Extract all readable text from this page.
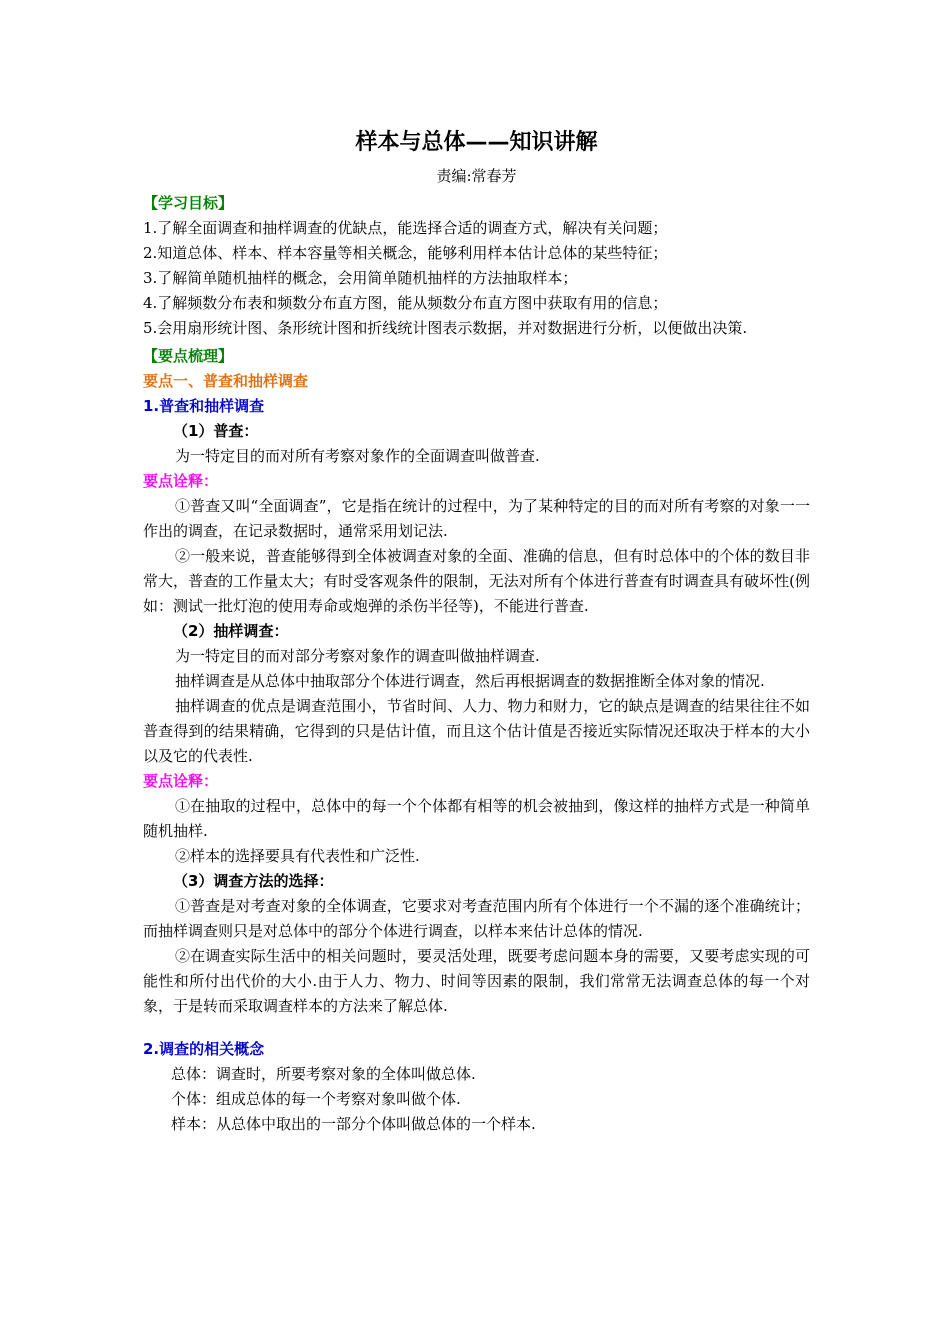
样本与总体——知识讲解
责编:常春芳
【学习目标】
1.了解全面调查和抽样调查的优缺点，能选择合适的调查方式，解决有关问题；
2.知道总体、样本、样本容量等相关概念，能够利用样本估计总体的某些特征；
3.了解简单随机抽样的概念，会用简单随机抽样的方法抽取样本；
4.了解频数分布表和频数分布直方图，能从频数分布直方图中获取有用的信息；
5.会用扇形统计图、条形统计图和折线统计图表示数据，并对数据进行分析，以便做出决策.
【要点梳理】
要点一、普查和抽样调查
1.普查和抽样调查
（1）普查：
为一特定目的而对所有考察对象作的全面调查叫做普查.
要点诠释：
①普查又叫“全面调查”，它是指在统计的过程中，为了某种特定的目的而对所有考察的对象一一作出的调查，在记录数据时，通常采用划记法.
②一般来说，普查能够得到全体被调查对象的全面、准确的信息，但有时总体中的个体的数目非常大，普查的工作量太大；有时受客观条件的限制，无法对所有个体进行普查有时调查具有破坏性(例如：测试一批灯泡的使用寿命或炮弹的杀伤半径等)，不能进行普查.
（2）抽样调查：
为一特定目的而对部分考察对象作的调查叫做抽样调查.
抽样调查是从总体中抽取部分个体进行调查，然后再根据调查的数据推断全体对象的情况.
抽样调查的优点是调查范围小，节省时间、人力、物力和财力，它的缺点是调查的结果往往不如普查得到的结果精确，它得到的只是估计值，而且这个估计值是否接近实际情况还取决于样本的大小以及它的代表性.
要点诠释：
①在抽取的过程中，总体中的每一个个体都有相等的机会被抽到，像这样的抽样方式是一种简单随机抽样.
②样本的选择要具有代表性和广泛性.
（3）调查方法的选择：
①普查是对考查对象的全体调查，它要求对考查范围内所有个体进行一个不漏的逐个准确统计；而抽样调查则只是对总体中的部分个体进行调查，以样本来估计总体的情况.
②在调查实际生活中的相关问题时，要灵活处理，既要考虑问题本身的需要，又要考虑实现的可能性和所付出代价的大小.由于人力、物力、时间等因素的限制，我们常常无法调查总体的每一个对象，于是转而采取调查样本的方法来了解总体.
2.调查的相关概念
总体：调查时，所要考察对象的全体叫做总体.
个体：组成总体的每一个考察对象叫做个体.
样本：从总体中取出的一部分个体叫做总体的一个样本.
